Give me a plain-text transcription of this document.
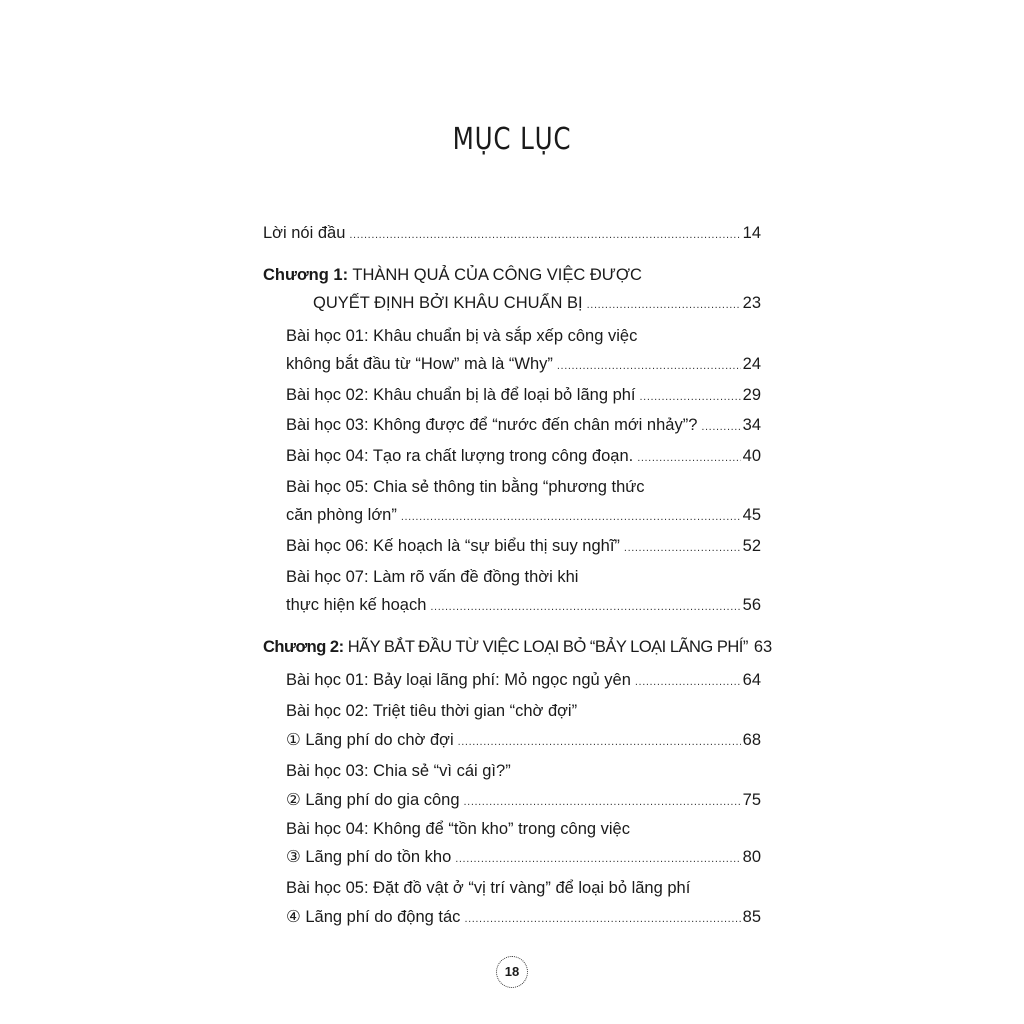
MỤC LỤC
Lời nói đầu .....	14
Chương 1: THÀNH QUẢ CỦA CÔNG VIỆC ĐƯỢC
QUYẾT ĐỊNH BỞI KHÂU CHUẨN BỊ .....	23
Bài học 01: Khâu chuẩn bị và sắp xếp công việc
không bắt đầu từ “How” mà là “Why” .....	24
Bài học 02: Khâu chuẩn bị là để loại bỏ lãng phí .....	29
Bài học 03: Không được để “nước đến chân mới nhảy”? .....	34
Bài học 04: Tạo ra chất lượng trong công đoạn. .....	40
Bài học 05: Chia sẻ thông tin bằng “phương thức
căn phòng lớn” .....	45
Bài học 06: Kế hoạch là “sự biểu thị suy nghĩ” .....	52
Bài học 07: Làm rõ vấn đề đồng thời khi
thực hiện kế hoạch .....	56
Chương 2: HÃY BẮT ĐẦU TỪ VIỆC LOẠI BỎ “BẢY LOẠI LÃNG PHÍ” 63
Bài học 01: Bảy loại lãng phí: Mỏ ngọc ngủ yên .....	64
Bài học 02: Triệt tiêu thời gian “chờ đợi”
① Lãng phí do chờ đợi .....	68
Bài học 03: Chia sẻ “vì cái gì?”
② Lãng phí do gia công .....	75
Bài học 04: Không để “tồn kho” trong công việc
③ Lãng phí do tồn kho .....	80
Bài học 05: Đặt đồ vật ở “vị trí vàng” để loại bỏ lãng phí
④ Lãng phí do động tác .....	85
18
